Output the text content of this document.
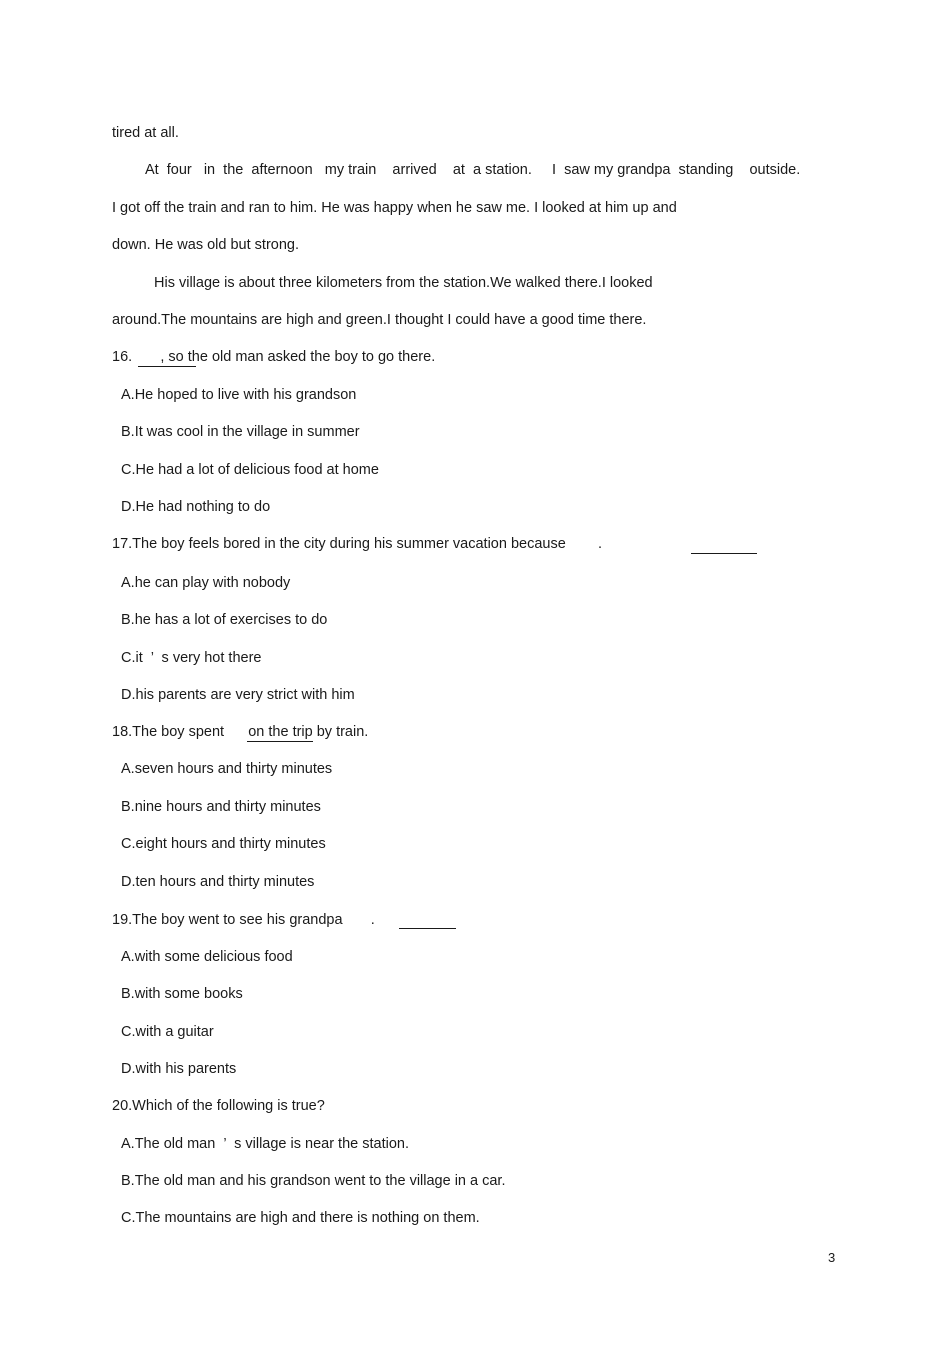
tired at all.
At  four   in  the  afternoon   my train    arrived    at  a station.     I  saw my grandpa  standing    outside.
I got off the train and ran to him. He was happy when he saw me. I looked at him up and
down. He was old but strong.
His village is about three kilometers from the station.We walked there.I looked
around.The mountains are high and green.I thought I could have a good time there.
16.       , so the old man asked the boy to go there.
A.He hoped to live with his grandson
B.It was cool in the village in summer
C.He had a lot of delicious food at home
D.He had nothing to do
17.The boy feels bored in the city during his summer vacation because        .
A.he can play with nobody
B.he has a lot of exercises to do
C.it  ’  s very hot there
D.his parents are very strict with him
18.The boy spent      on the trip by train.
A.seven hours and thirty minutes
B.nine hours and thirty minutes
C.eight hours and thirty minutes
D.ten hours and thirty minutes
19.The boy went to see his grandpa       .
A.with some delicious food
B.with some books
C.with a guitar
D.with his parents
20.Which of the following is true?
A.The old man  ’  s village is near the station.
B.The old man and his grandson went to the village in a car.
C.The mountains are high and there is nothing on them.
3
